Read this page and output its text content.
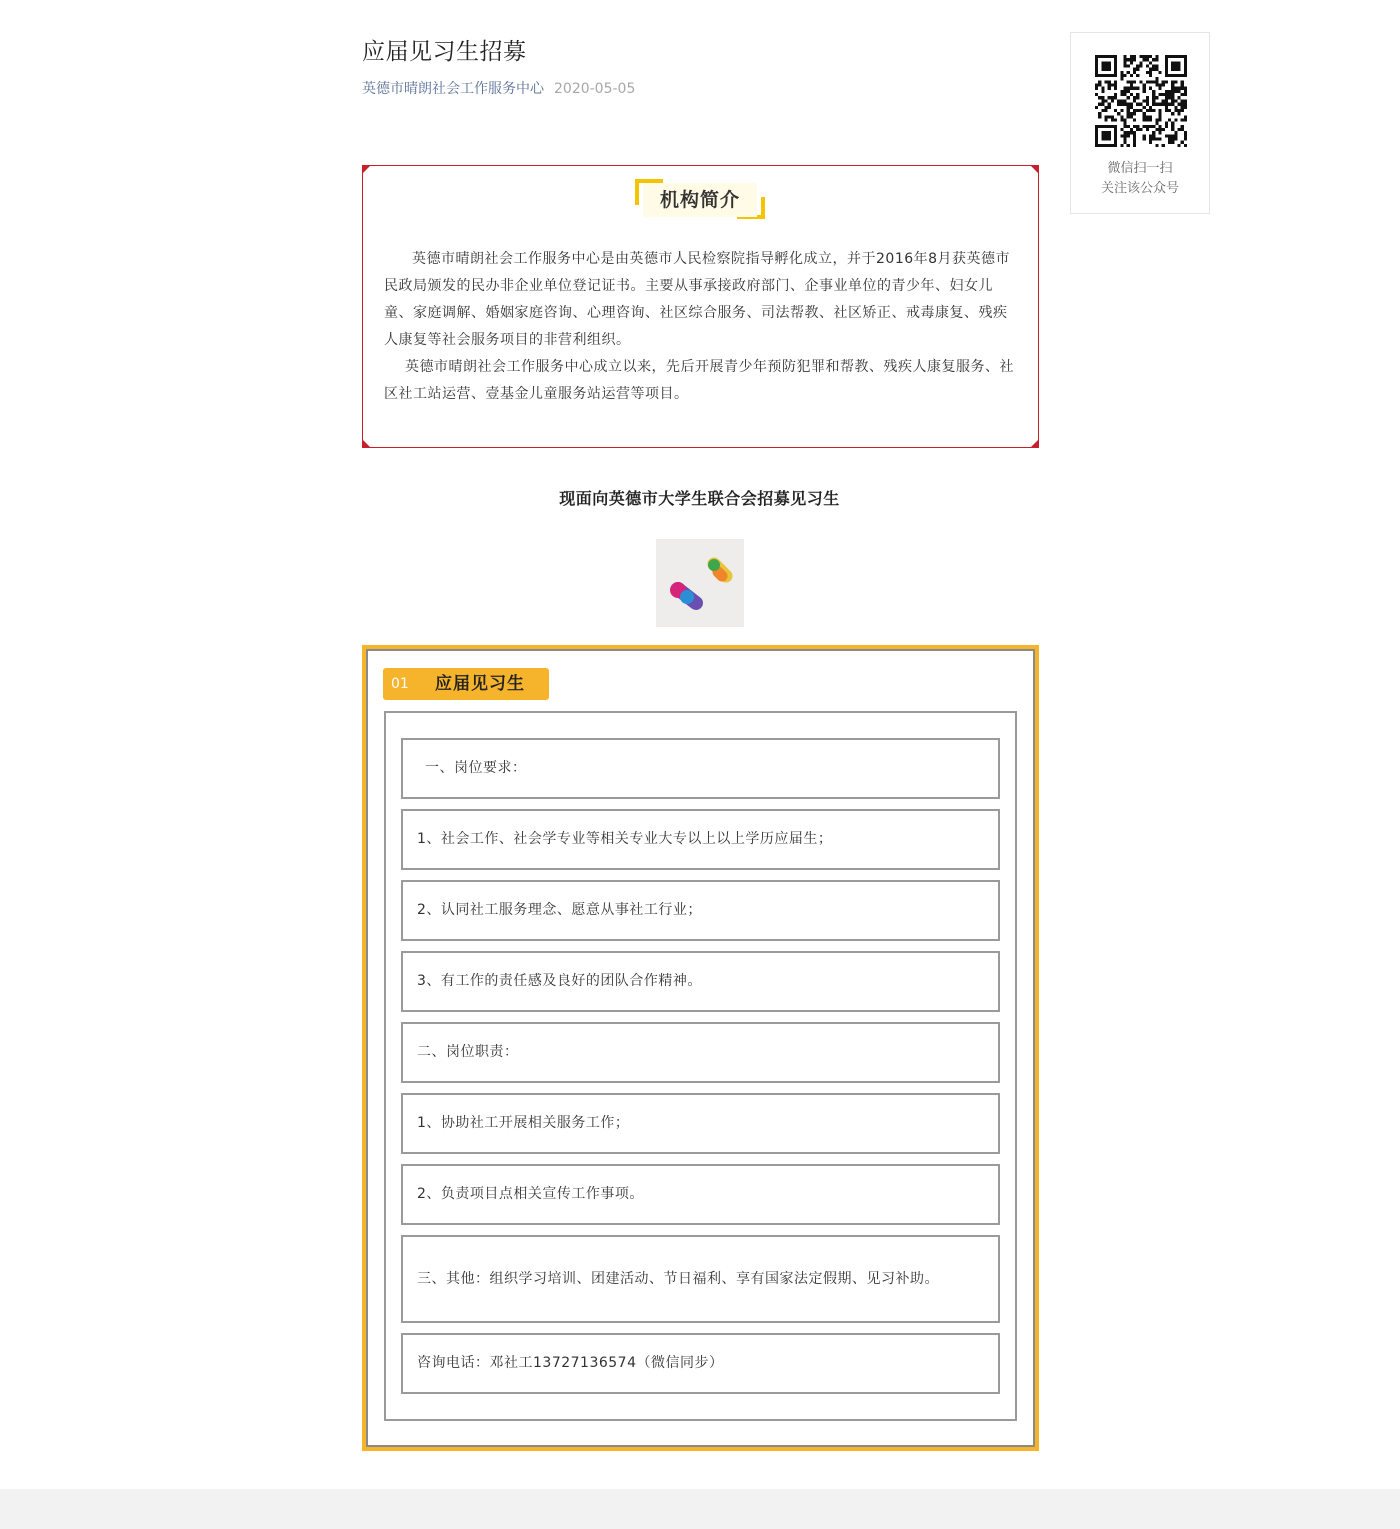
应届见习生招募
英德市晴朗社会工作服务中心 2020-05-05
机构简介

英德市晴朗社会工作服务中心是由英德市人民检察院指导孵化成立，并于2016年8月获英德市民政局颁发的民办非企业单位登记证书。主要从事承接政府部门、企事业单位的青少年、妇女儿童、家庭调解、婚姻家庭咨询、心理咨询、社区综合服务、司法帮教、社区矫正、戒毒康复、残疾人康复等社会服务项目的非营利组织。

英德市晴朗社会工作服务中心成立以来，先后开展青少年预防犯罪和帮教、残疾人康复服务、社区社工站运营、壹基金儿童服务站运营等项目。

现面向英德市大学生联合会招募见习生
01 应届见习生
一、岗位要求：
1、社会工作、社会学专业等相关专业大专以上以上学历应届生；
2、认同社工服务理念、愿意从事社工行业；
3、有工作的责任感及良好的团队合作精神。
二、岗位职责：
1、协助社工开展相关服务工作；
2、负责项目点相关宣传工作事项。
三、其他：组织学习培训、团建活动、节日福利、享有国家法定假期、见习补助。
咨询电话：邓社工13727136574（微信同步）
微信扫一扫
关注该公众号
